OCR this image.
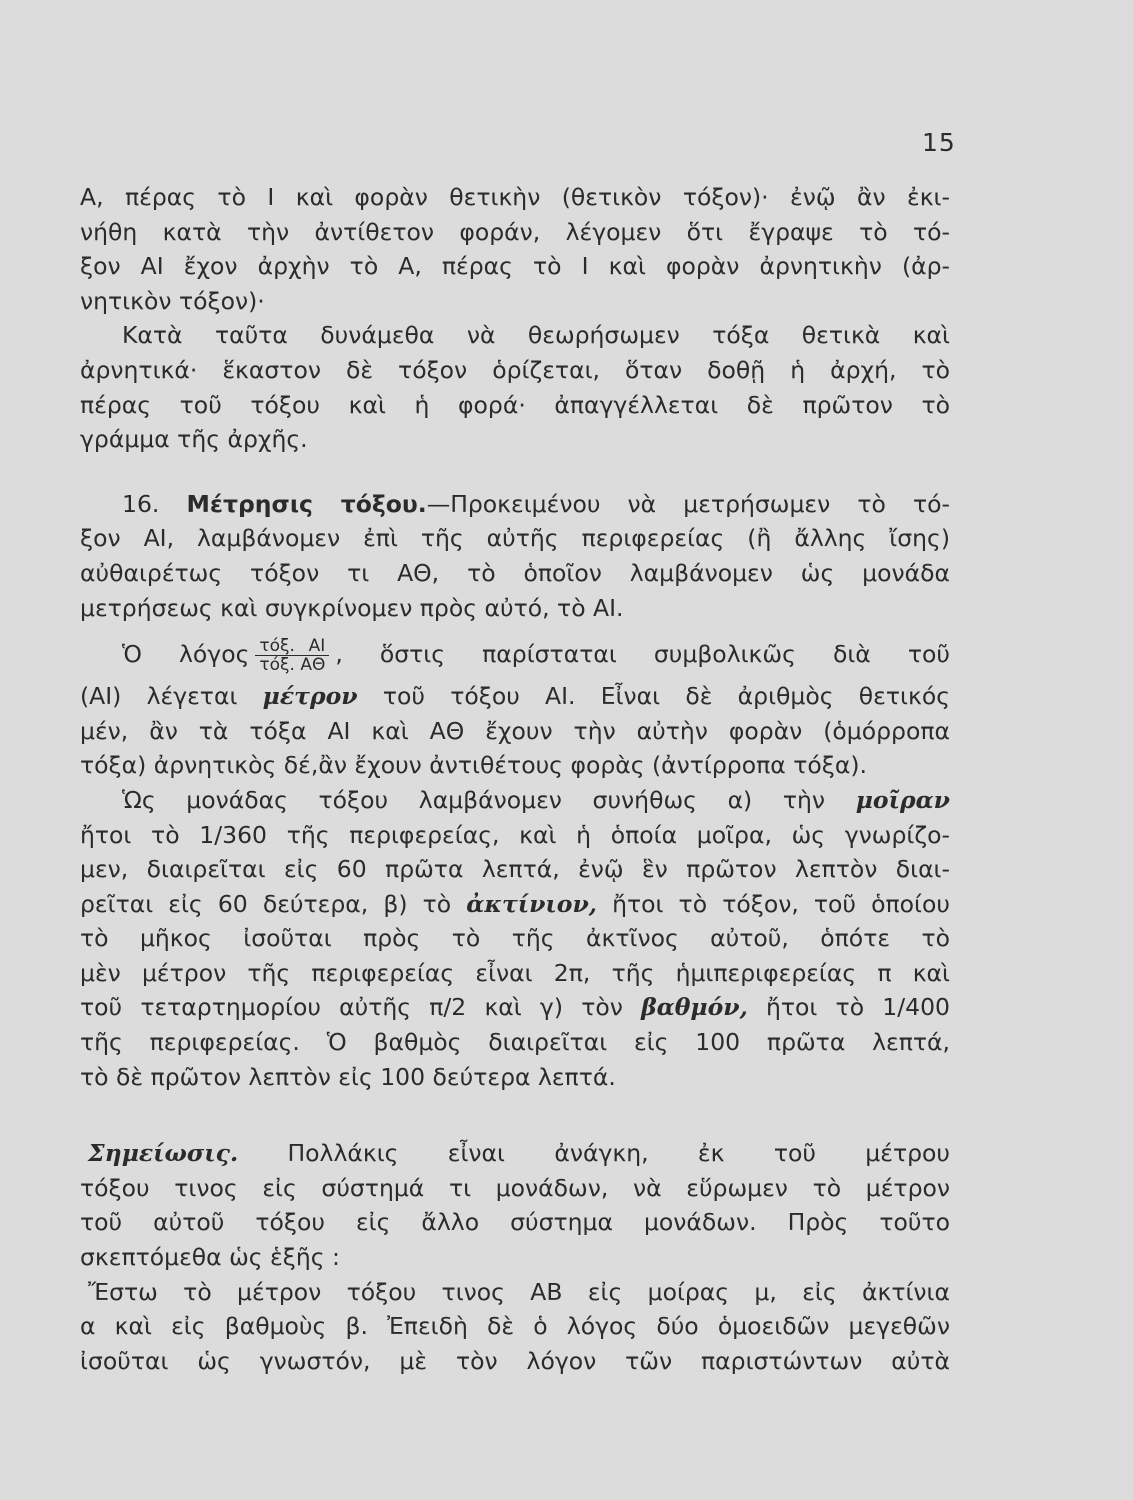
15
Α, πέρας τὸ Ι καὶ φορὰν θετικὴν (θετικὸν τόξον)· ἐνῷ ἂν ἐκι-
νήθη κατὰ τὴν ἀντίθετον φοράν, λέγομεν ὅτι ἔγραψε τὸ τό-
ξον ΑΙ ἔχον ἀρχὴν τὸ Α, πέρας τὸ Ι καὶ φορὰν ἀρνητικὴν (ἀρ-
νητικὸν τόξον)·
Κατὰ ταῦτα δυνάμεθα νὰ θεωρήσωμεν τόξα θετικὰ καὶ
ἀρνητικά· ἕκαστον δὲ τόξον ὁρίζεται, ὅταν δοθῇ ἡ ἀρχή, τὸ
πέρας τοῦ τόξου καὶ ἡ φορά· ἀπαγγέλλεται δὲ πρῶτον τὸ
γράμμα τῆς ἀρχῆς.
16. Μέτρησις τόξου.—Προκειμένου νὰ μετρήσωμεν τὸ τό-
ξον ΑΙ, λαμβάνομεν ἐπὶ τῆς αὐτῆς περιφερείας (ἢ ἄλλης ἴσης)
αὐθαιρέτως τόξον τι ΑΘ, τὸ ὁποῖον λαμβάνομεν ὡς μονάδα
μετρήσεως καὶ συγκρίνομεν πρὸς αὐτό, τὸ ΑΙ.
Ὁ λόγος $\frac{\text{τόξ. ΑΙ}}{\text{τόξ. ΑΘ}}$ , ὅστις παρίσταται συμβολικῶς διὰ τοῦ
(ΑΙ) λέγεται μέτρον τοῦ τόξου ΑΙ. Εἶναι δὲ ἀριθμὸς θετικός
μέν, ἂν τὰ τόξα ΑΙ καὶ ΑΘ ἔχουν τὴν αὐτὴν φορὰν (ὁμόρροπα
τόξα) ἀρνητικὸς δέ,ἂν ἔχουν ἀντιθέτους φορὰς (ἀντίρροπα τόξα).
Ὡς μονάδας τόξου λαμβάνομεν συνήθως α) τὴν μοῖραν
ἤτοι τὸ 1/360 τῆς περιφερείας, καὶ ἡ ὁποία μοῖρα, ὡς γνωρίζο-
μεν, διαιρεῖται εἰς 60 πρῶτα λεπτά, ἐνῷ ἓν πρῶτον λεπτὸν διαι-
ρεῖται εἰς 60 δεύτερα, β) τὸ ἀκτίνιον, ἤτοι τὸ τόξον, τοῦ ὁποίου
τὸ μῆκος ἰσοῦται πρὸς τὸ τῆς ἀκτῖνος αὐτοῦ, ὁπότε τὸ
μὲν μέτρον τῆς περιφερείας εἶναι 2π, τῆς ἡμιπεριφερείας π καὶ
τοῦ τεταρτημορίου αὐτῆς π/2 καὶ γ) τὸν βαθμόν, ἤτοι τὸ 1/400
τῆς περιφερείας. Ὁ βαθμὸς διαιρεῖται εἰς 100 πρῶτα λεπτά,
τὸ δὲ πρῶτον λεπτὸν εἰς 100 δεύτερα λεπτά.
Σημείωσις. Πολλάκις εἶναι ἀνάγκη, ἐκ τοῦ μέτρου
τόξου τινος εἰς σύστημά τι μονάδων, νὰ εὕρωμεν τὸ μέτρον
τοῦ αὐτοῦ τόξου εἰς ἄλλο σύστημα μονάδων. Πρὸς τοῦτο
σκεπτόμεθα ὡς ἑξῆς :
Ἔστω τὸ μέτρον τόξου τινος ΑΒ εἰς μοίρας μ, εἰς ἀκτίνια
α καὶ εἰς βαθμοὺς β. Ἐπειδὴ δὲ ὁ λόγος δύο ὁμοειδῶν μεγεθῶν
ἰσοῦται ὡς γνωστόν, μὲ τὸν λόγον τῶν παριστώντων αὐτὰ
